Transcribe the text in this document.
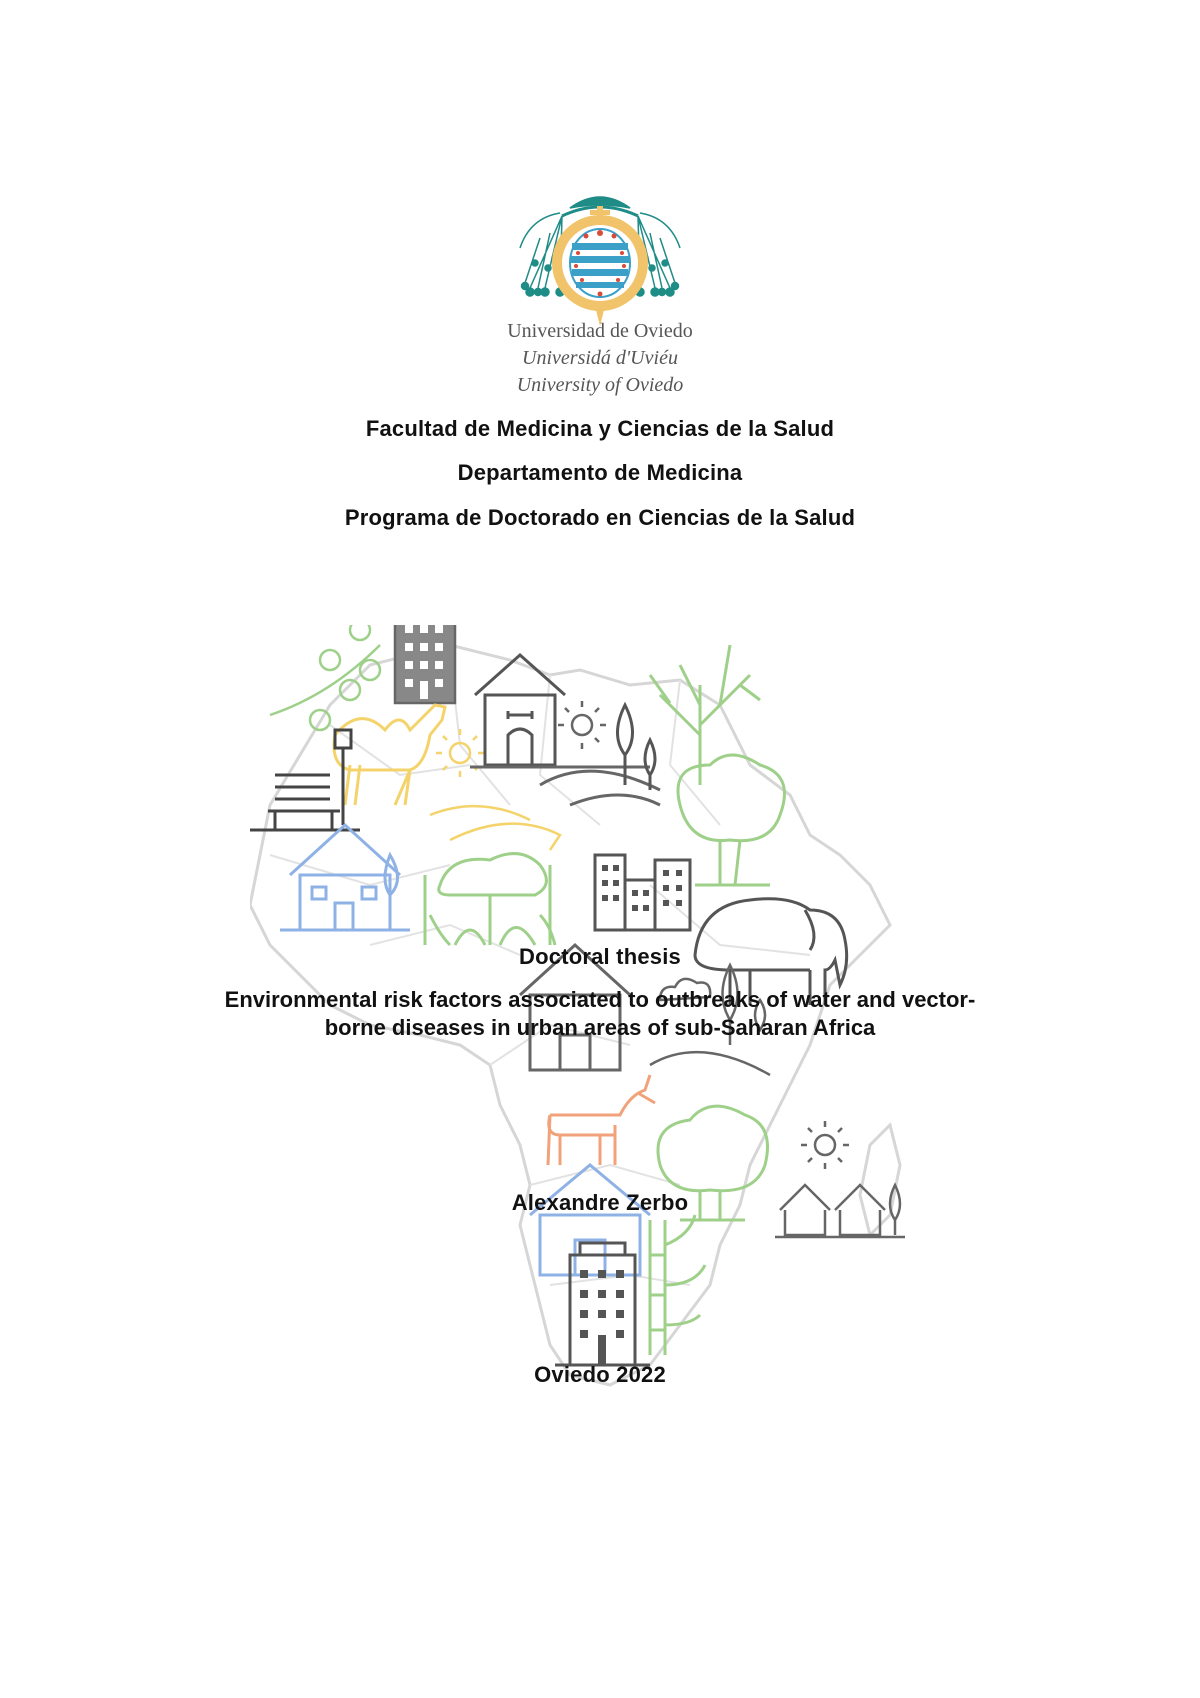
Universidad de Oviedo
Universidá d'Uviéu
University of Oviedo
Facultad de Medicina y Ciencias de la Salud
Departamento de Medicina
Programa de Doctorado en Ciencias de la Salud
Doctoral thesis
Environmental risk factors associated to outbreaks of water and vector-
borne diseases in urban areas of sub-Saharan Africa
Alexandre Zerbo
Oviedo 2022
